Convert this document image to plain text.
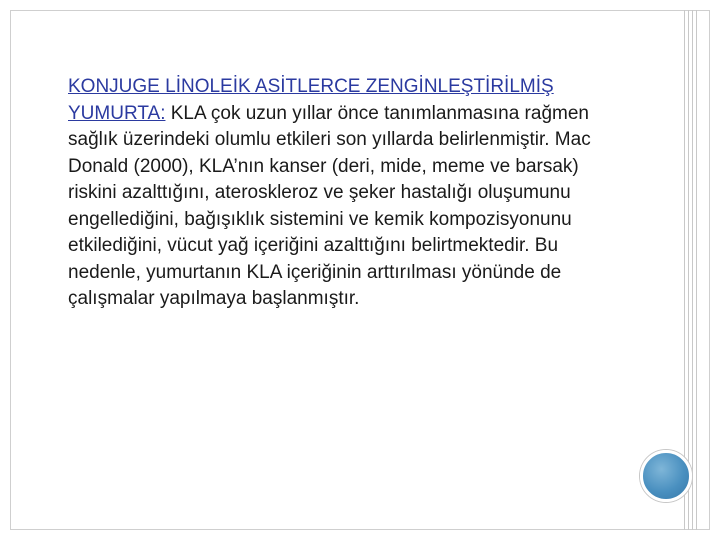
KONJUGE LİNOLEİK ASİTLERCE ZENGİNLEŞTİRİLMİŞ YUMURTA: KLA çok uzun yıllar önce tanımlanmasına rağmen sağlık üzerindeki olumlu etkileri son yıllarda belirlenmiştir. Mac Donald (2000), KLA’nın kanser (deri, mide, meme ve barsak) riskini azalttığını, ateroskleroz ve şeker hastalığı oluşumunu engellediğini, bağışıklık sistemini ve kemik kompozisyonunu etkilediğini, vücut yağ içeriğini azalttığını belirtmektedir. Bu nedenle, yumurtanın KLA içeriğinin arttırılması yönünde de çalışmalar yapılmaya başlanmıştır.
